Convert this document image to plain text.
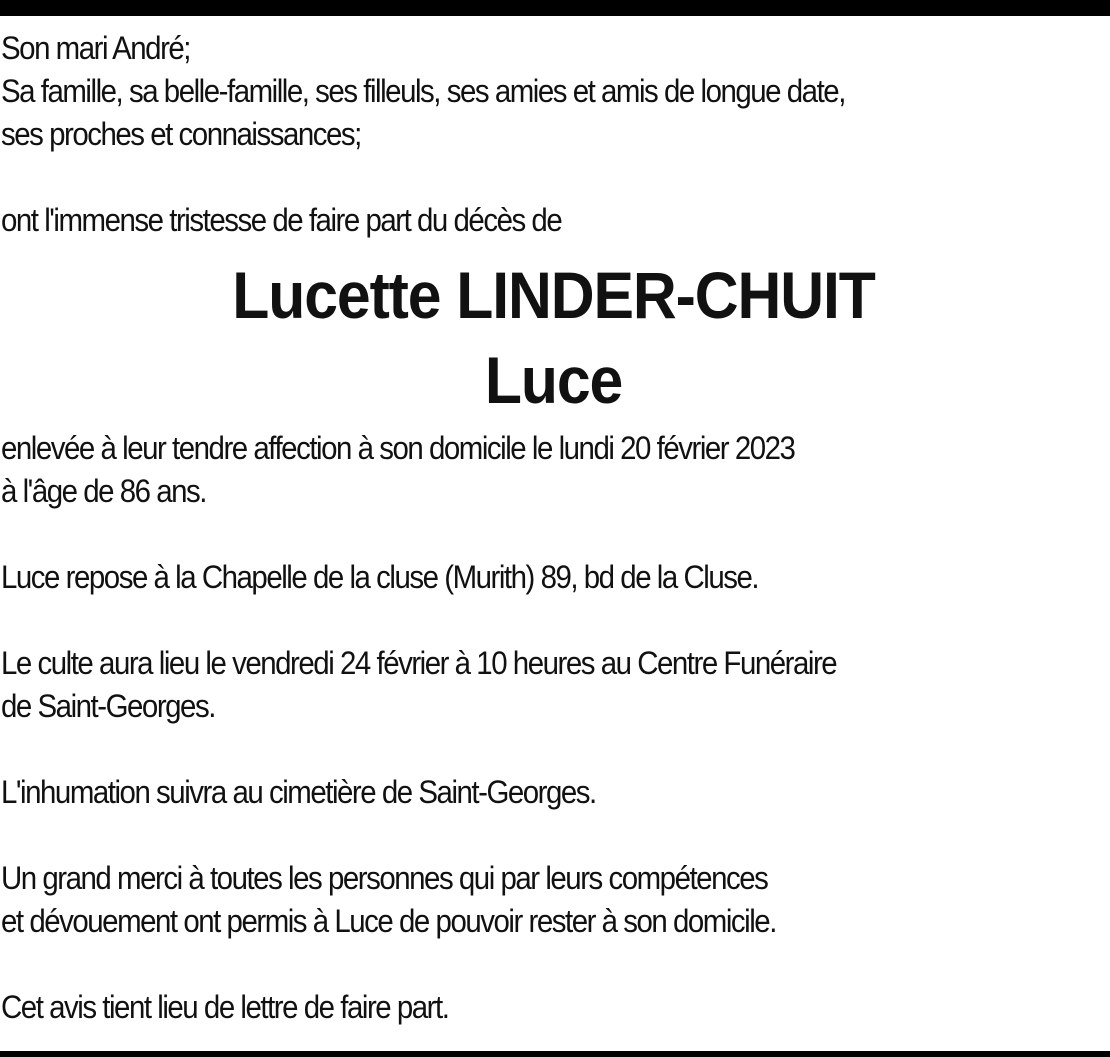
Son mari André;
Sa famille, sa belle-famille, ses filleuls, ses amies et amis de longue date,
ses proches et connaissances;
ont l'immense tristesse de faire part du décès de
Lucette LINDER-CHUIT
Luce
enlevée à leur tendre affection à son domicile le lundi 20 février 2023
à l'âge de 86 ans.
Luce repose à la Chapelle de la cluse (Murith) 89, bd de la Cluse.
Le culte aura lieu le vendredi 24 février à 10 heures au Centre Funéraire
de Saint-Georges.
L'inhumation suivra au cimetière de Saint-Georges.
Un grand merci à toutes les personnes qui par leurs compétences
et dévouement ont permis à Luce de pouvoir rester à son domicile.
Cet avis tient lieu de lettre de faire part.
